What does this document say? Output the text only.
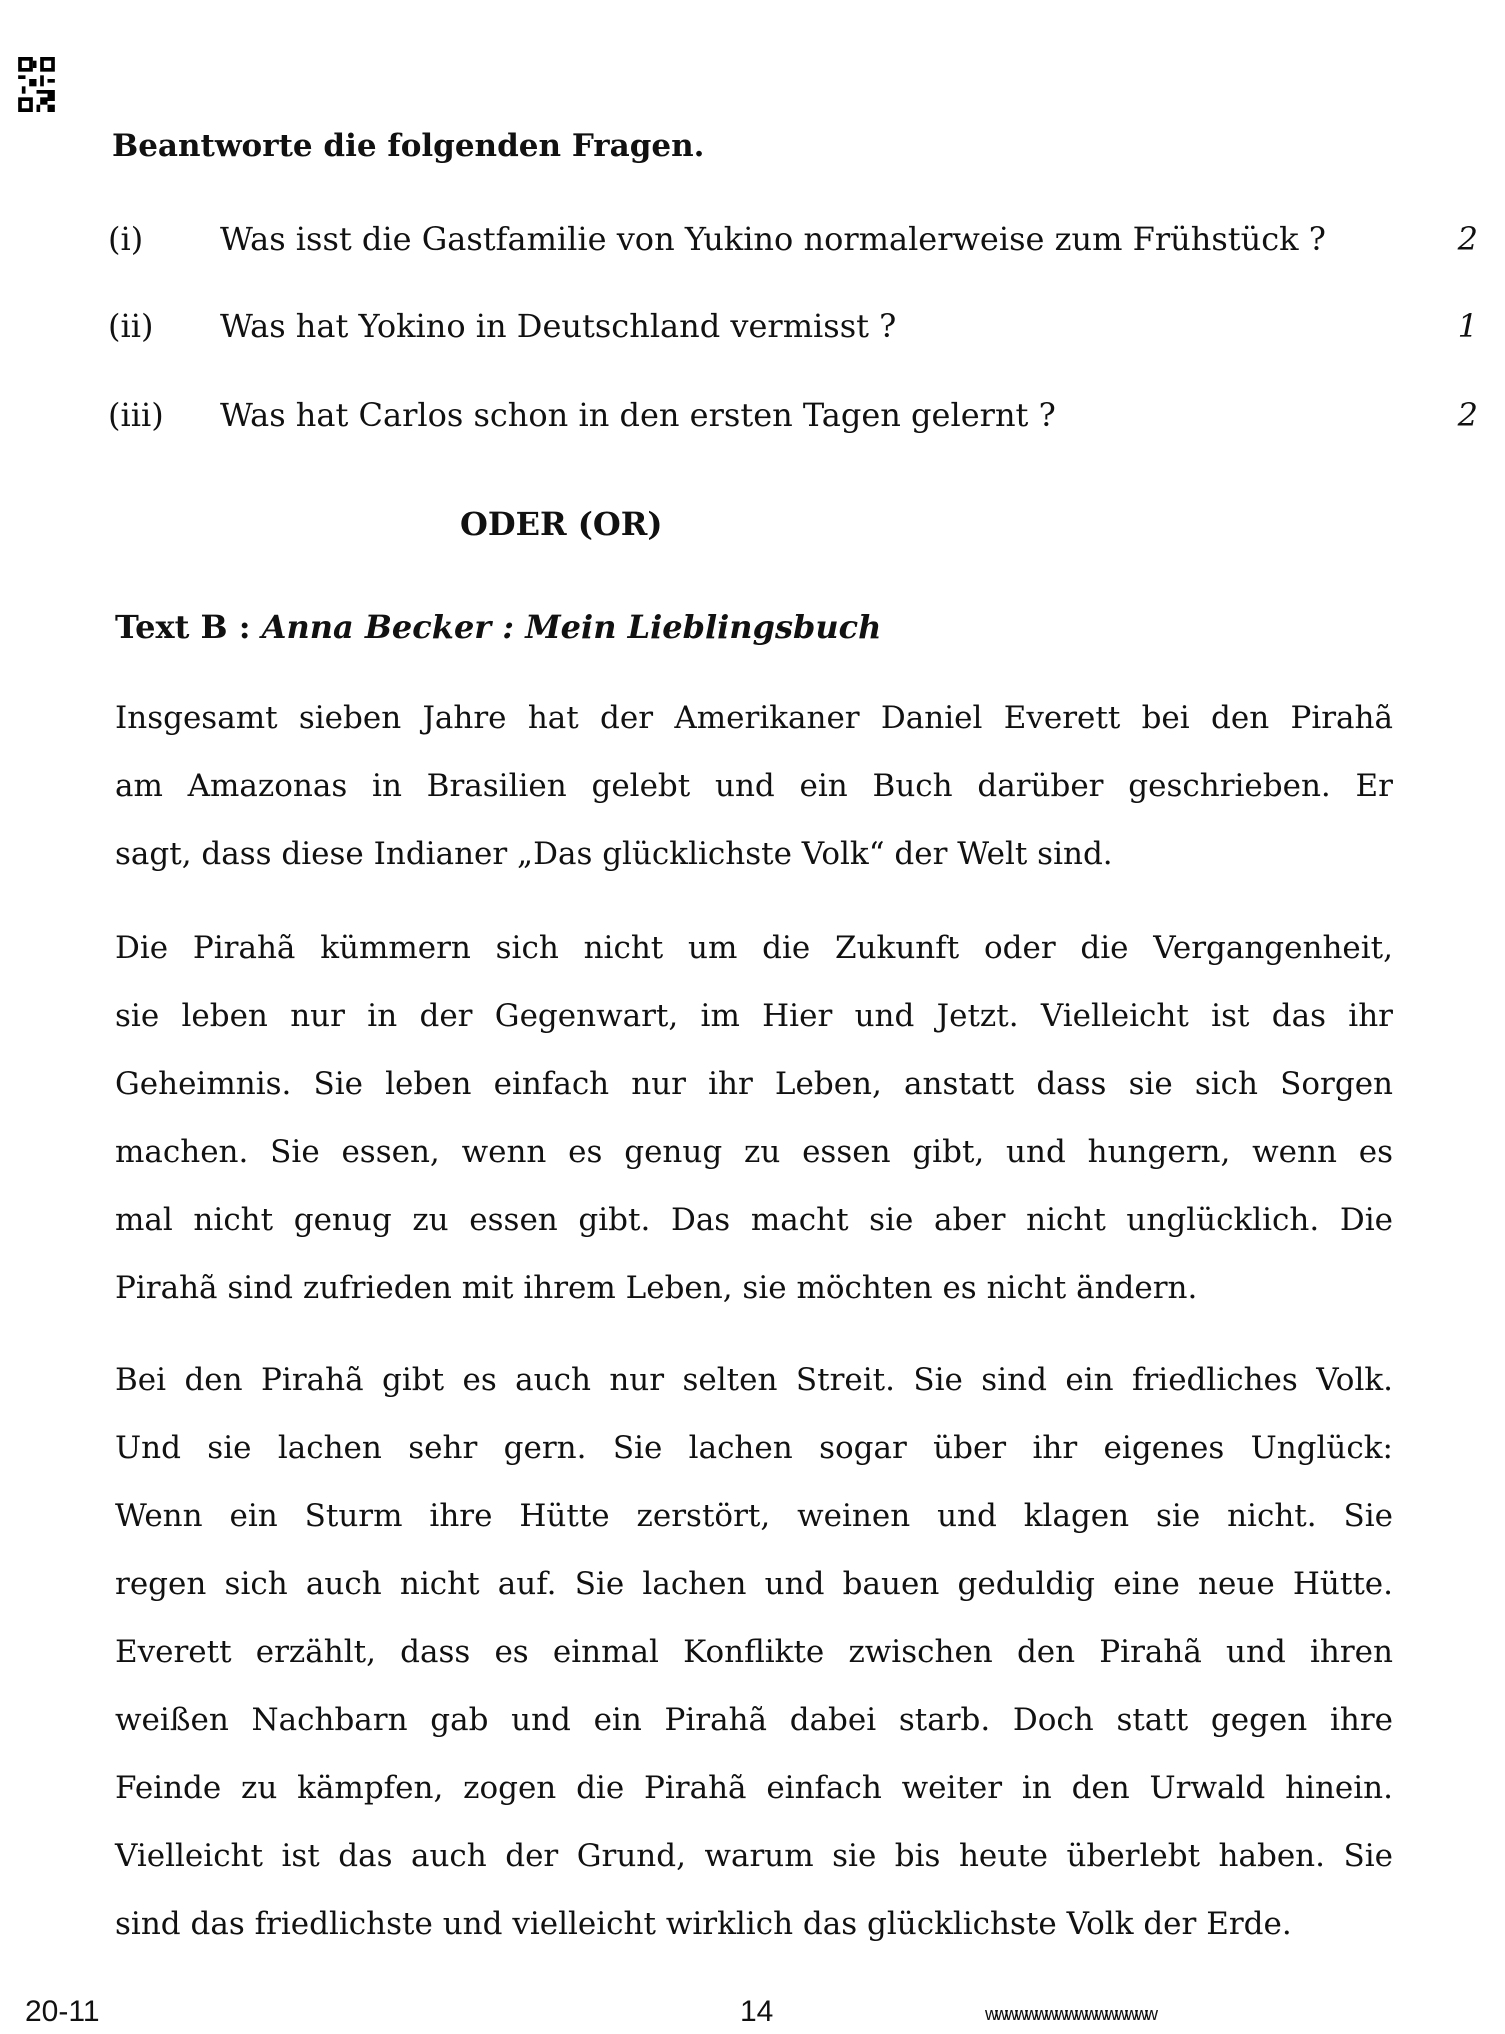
Beantworte die folgenden Fragen.
(i) Was isst die Gastfamilie von Yukino normalerweise zum Frühstück ?	2
(ii) Was hat Yokino in Deutschland vermisst ?	1
(iii) Was hat Carlos schon in den ersten Tagen gelernt ?	2
ODER (OR)
Text B : Anna Becker : Mein Lieblingsbuch
Insgesamt sieben Jahre hat der Amerikaner Daniel Everett bei den Pirahã
am Amazonas in Brasilien gelebt und ein Buch darüber geschrieben. Er
sagt, dass diese Indianer „Das glücklichste Volk“ der Welt sind.
Die Pirahã kümmern sich nicht um die Zukunft oder die Vergangenheit,
sie leben nur in der Gegenwart, im Hier und Jetzt. Vielleicht ist das ihr
Geheimnis. Sie leben einfach nur ihr Leben, anstatt dass sie sich Sorgen
machen. Sie essen, wenn es genug zu essen gibt, und hungern, wenn es
mal nicht genug zu essen gibt. Das macht sie aber nicht unglücklich. Die
Pirahã sind zufrieden mit ihrem Leben, sie möchten es nicht ändern.
Bei den Pirahã gibt es auch nur selten Streit. Sie sind ein friedliches Volk.
Und sie lachen sehr gern. Sie lachen sogar über ihr eigenes Unglück:
Wenn ein Sturm ihre Hütte zerstört, weinen und klagen sie nicht. Sie
regen sich auch nicht auf. Sie lachen und bauen geduldig eine neue Hütte.
Everett erzählt, dass es einmal Konflikte zwischen den Pirahã und ihren
weißen Nachbarn gab und ein Pirahã dabei starb. Doch statt gegen ihre
Feinde zu kämpfen, zogen die Pirahã einfach weiter in den Urwald hinein.
Vielleicht ist das auch der Grund, warum sie bis heute überlebt haben. Sie
sind das friedlichste und vielleicht wirklich das glücklichste Volk der Erde.
20-11	14	ᴡᴡᴡᴡᴡᴡᴡᴡᴡᴡᴡᴡᴡᴡᴡᴡᴡ
